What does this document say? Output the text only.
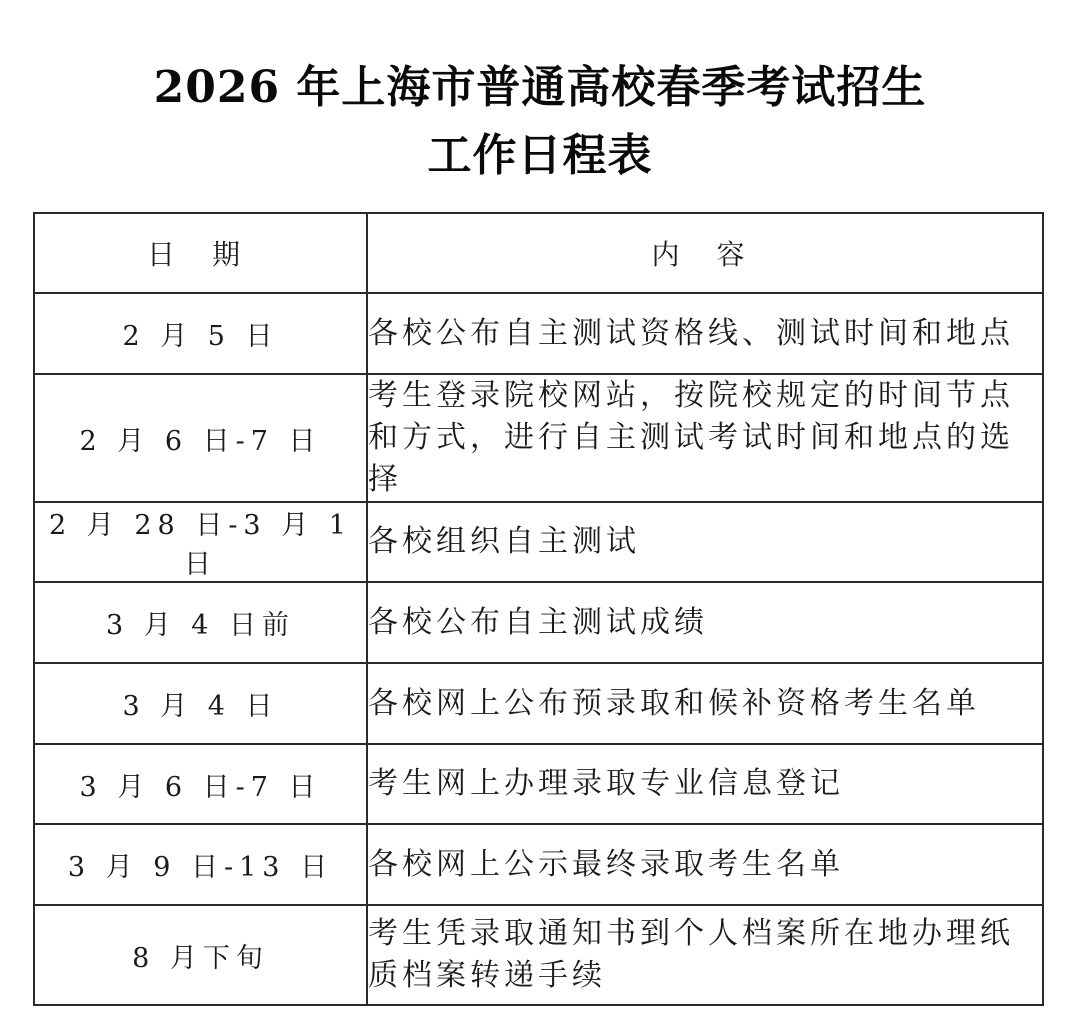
2026 年上海市普通高校春季考试招生
工作日程表
日 期	内 容
2 月 5 日	各校公布自主测试资格线、测试时间和地点
2 月 6 日-7 日	考生登录院校网站，按院校规定的时间节点和方式，进行自主测试考试时间和地点的选择
2 月 28 日-3 月 1 日	各校组织自主测试
3 月 4 日前	各校公布自主测试成绩
3 月 4 日	各校网上公布预录取和候补资格考生名单
3 月 6 日-7 日	考生网上办理录取专业信息登记
3 月 9 日-13 日	各校网上公示最终录取考生名单
8 月下旬	考生凭录取通知书到个人档案所在地办理纸质档案转递手续
